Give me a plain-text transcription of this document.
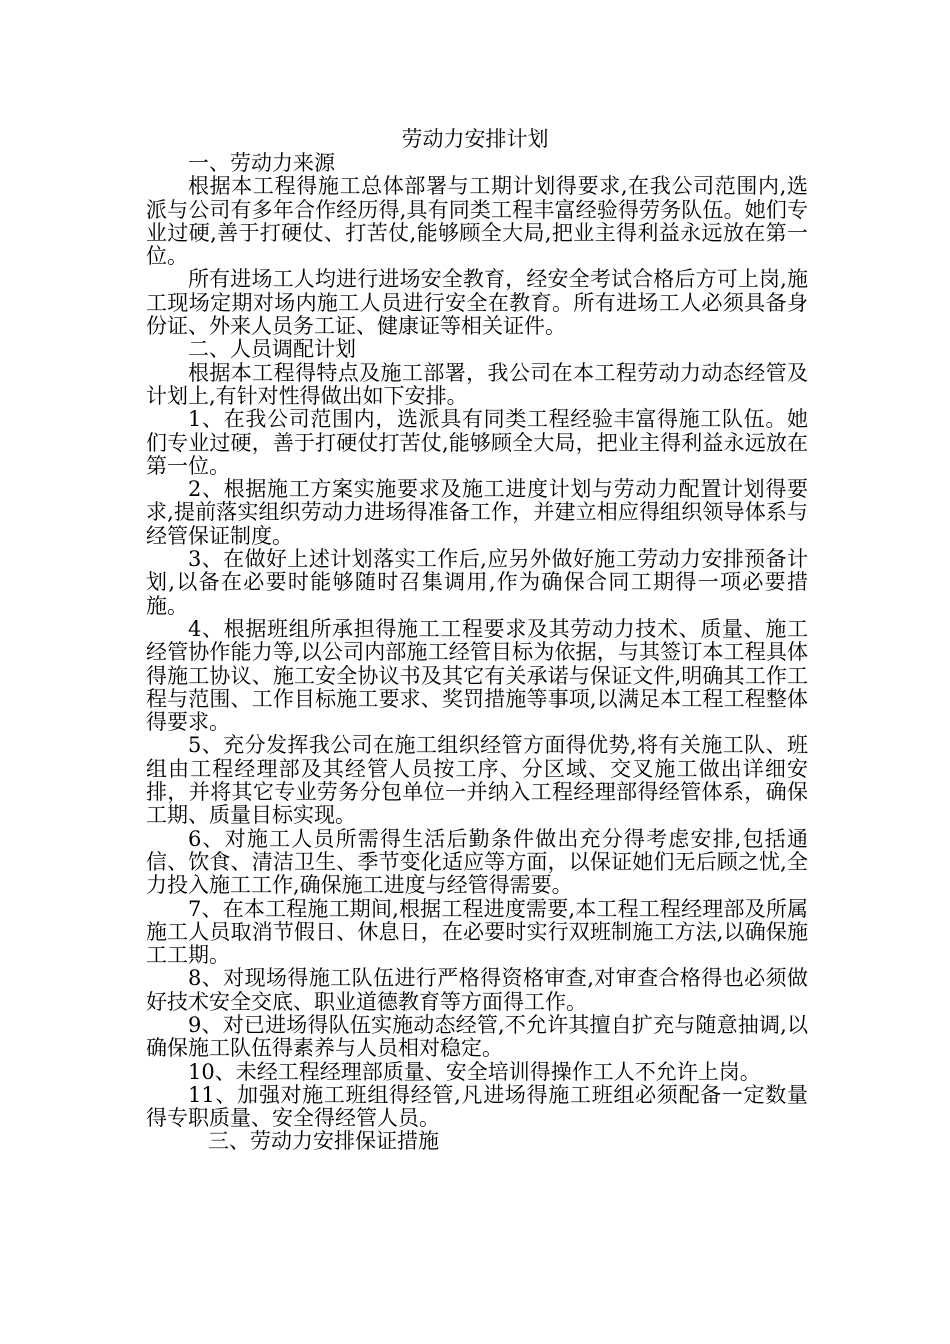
劳动力安排计划

一、劳动力来源

根据本工程得施工总体部署与工期计划得要求,在我公司范围内,选派与公司有多年合作经历得,具有同类工程丰富经验得劳务队伍。她们专业过硬,善于打硬仗、打苦仗,能够顾全大局,把业主得利益永远放在第一位。

所有进场工人均进行进场安全教育，经安全考试合格后方可上岗,施工现场定期对场内施工人员进行安全在教育。所有进场工人必须具备身份证、外来人员务工证、健康证等相关证件。

二、人员调配计划

根据本工程得特点及施工部署，我公司在本工程劳动力动态经管及计划上,有针对性得做出如下安排。

1、在我公司范围内，选派具有同类工程经验丰富得施工队伍。她们专业过硬，善于打硬仗打苦仗,能够顾全大局，把业主得利益永远放在第一位。

2、根据施工方案实施要求及施工进度计划与劳动力配置计划得要求,提前落实组织劳动力进场得准备工作，并建立相应得组织领导体系与经管保证制度。

3、在做好上述计划落实工作后,应另外做好施工劳动力安排预备计划,以备在必要时能够随时召集调用,作为确保合同工期得一项必要措施。

4、根据班组所承担得施工工程要求及其劳动力技术、质量、施工经管协作能力等,以公司内部施工经管目标为依据，与其签订本工程具体得施工协议、施工安全协议书及其它有关承诺与保证文件,明确其工作工程与范围、工作目标施工要求、奖罚措施等事项,以满足本工程工程整体得要求。

5、充分发挥我公司在施工组织经管方面得优势,将有关施工队、班组由工程经理部及其经管人员按工序、分区域、交叉施工做出详细安排，并将其它专业劳务分包单位一并纳入工程经理部得经管体系，确保工期、质量目标实现。

6、对施工人员所需得生活后勤条件做出充分得考虑安排,包括通信、饮食、清洁卫生、季节变化适应等方面，以保证她们无后顾之忧,全力投入施工工作,确保施工进度与经管得需要。

7、在本工程施工期间,根据工程进度需要,本工程工程经理部及所属施工人员取消节假日、休息日，在必要时实行双班制施工方法,以确保施工工期。

8、对现场得施工队伍进行严格得资格审查,对审查合格得也必须做好技术安全交底、职业道德教育等方面得工作。

9、对已进场得队伍实施动态经管,不允许其擅自扩充与随意抽调,以确保施工队伍得素养与人员相对稳定。

10、未经工程经理部质量、安全培训得操作工人不允许上岗。

11、加强对施工班组得经管,凡进场得施工班组必须配备一定数量得专职质量、安全得经管人员。

三、劳动力安排保证措施
